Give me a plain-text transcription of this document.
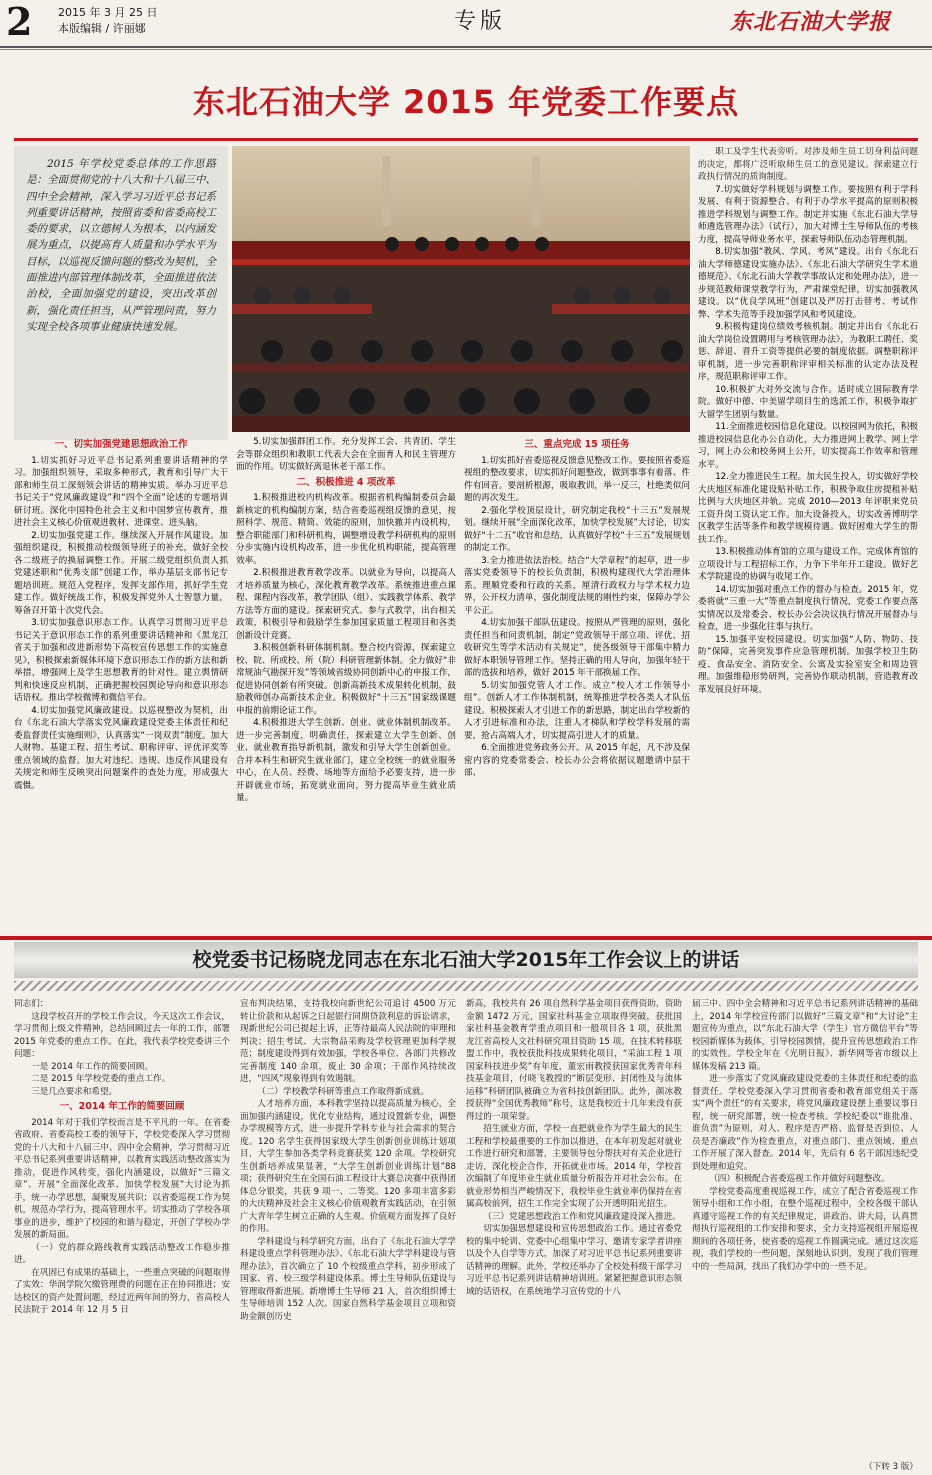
2	2015 年 3 月 25 日
本版编辑 / 许丽娜	专版	东北石油大学报
东北石油大学 2015 年党委工作要点

2015 年学校党委总体的工作思路是：全面贯彻党的十八大和十八届三中、四中全会精神，深入学习习近平总书记系列重要讲话精神，按照省委和省委高校工委的要求，以立德树人为根本，以内涵发展为重点，以提高育人质量和办学水平为目标，以巡视反馈问题的整改为契机，全面推进内部管理体制改革，全面推进依法治校，全面加强党的建设，突出改革创新，强化责任担当，从严管理问责，努力实现全校各项事业健康快速发展。

一、切实加强党建思想政治工作

1.切实抓好习近平总书记系列重要讲话精神的学习。加强组织领导，采取多种形式，教育和引导广大干部和师生员工深刻领会讲话的精神实质。举办习近平总书记关于“党风廉政建设”和“四个全面”论述的专题培训研讨班。深化中国特色社会主义和中国梦宣传教育，推进社会主义核心价值观进教材、进课堂、进头脑。

2.切实加强党建工作。继续深入开展作风建设。加强组织建设，积极推动校级领导班子的补充，做好全校各二级班子的换届调整工作。开展二级党组织负责人抓党建述职和“优秀支部”创建工作，举办基层支部书记专题培训班。规范入党程序，发挥支部作用，抓好学生党建工作。做好统战工作，积极发挥党外人士智慧力量，筹备召开第十次党代会。

3.切实加强意识形态工作。认真学习贯彻习近平总书记关于意识形态工作的系列重要讲话精神和《黑龙江省关于加强和改进新形势下高校宣传思想工作的实施意见》，积极探索新媒体环境下意识形态工作的新方法和新举措，增强网上及学生思想教育的针对性。建立舆情研判和快速反应机制，正确把握校园舆论导向和意识形态话语权。推出学校微博和微信平台。

4.切实加强党风廉政建设。以巡视整改为契机，出台《东北石油大学落实党风廉政建设党委主体责任和纪委监督责任实施细则》，认真落实“一岗双责”制度。加大人财物、基建工程、招生考试、职称评审、评优评奖等重点领域的监督。加大对违纪、违规、违反作风建设有关规定和师生反映突出问题案件的查处力度，形成强大震慑。

5.切实加强群团工作。充分发挥工会、共青团、学生会等群众组织和教职工代表大会在全面育人和民主管理方面的作用。切实做好离退休老干部工作。

二、积极推进 4 项改革

1.积极推进校内机构改革。根据省机构编制委员会最新核定的机构编制方案，结合省委巡视组反馈的意见，按照科学、规范、精简、效能的原则，加快撤并内设机构，整合职能部门和科研机构，调整增设教学科研机构的原则分步实施内设机构改革，进一步优化机构职能，提高管理效率。

2.积极推进教育教学改革。以就业为导向，以提高人才培养质量为核心，深化教育教学改革。系统推进重点课程、课程内容改革，教学团队（组）、实践教学体系、教学方法等方面的建设。探索研究式、参与式教学，出台相关政策，积极引导和鼓励学生参加国家质量工程项目和各类创新设计竞赛。

3.积极创新科研体制机制。整合校内资源，探索建立校、院、所或校、所（院）科研管理新体制。全力做好“非常规油气勘探开发”等领域省级协同创新中心的申报工作，促进协同创新有所突破。创新高新技术成果转化机制，鼓励教师创办高新技术企业。积极做好“十三五”国家级课题申报的前期论证工作。

4.积极推进大学生创新、创业、就业体制机制改革。进一步完善制度，明确责任，探索建立大学生创新、创业、就业教育指导新机制，激发和引导大学生创新创业。合并本科生和研究生就业部门，建立全校统一的就业服务中心，在人员、经费、场地等方面给予必要支持，进一步开辟就业市场，拓宽就业面向，努力提高毕业生就业质量。

三、重点完成 15 项任务

1.切实抓好省委巡视反馈意见整改工作。要按照省委巡视组的整改要求，切实抓好问题整改，做到事事有着落、件件有回音。要剖析根源，吸取教训，举一反三，杜绝类似问题的再次发生。

2.强化学校顶层设计，研究制定我校“十三五”发展规划。继续开展“全面深化改革，加快学校发展”大讨论，切实做好“十二五”收官和总结，认真做好学校“十三五”发展规划的制定工作。

3.全力推进依法治校。结合“大学章程”的起草，进一步落实党委领导下的校长负责制，积极构建现代大学治理体系。理顺党委和行政的关系，厘清行政权力与学术权力边界，公开权力清单，强化制度法规的刚性约束，保障办学公平公正。

4.切实加强干部队伍建设。按照从严管理的原则，强化责任担当和问责机制，制定“党政领导干部立项、评优、招收研究生等学术活动有关规定”，使各级领导干部集中精力做好本职领导管理工作。坚持正确的用人导向，加强年轻干部的选拔和培养，做好 2015 年干部换届工作。

5.切实加强党管人才工作。成立“校人才工作领导小组”。创新人才工作体制机制，统筹推进学校各类人才队伍建设。积极探索人才引进工作的新思路，制定出台学校新的人才引进标准和办法，注重人才梯队和学校学科发展的需要，抢占高端人才，切实提高引进人才的质量。

6.全面推进党务政务公开。从 2015 年起，凡不涉及保密内容的党委常委会、校长办公会将依据议题邀请中层干部、

职工及学生代表旁听。对涉及师生员工切身利益问题的决定，都将广泛听取师生员工的意见建议。探索建立行政执行情况的质询制度。

7.切实做好学科规划与调整工作。要按照有利于学科发展、有利于资源整合、有利于办学水平提高的原则积极推进学科规划与调整工作。制定并实施《东北石油大学导师遴选管理办法》（试行），加大对博士生导师队伍的考核力度，提高导师业务水平，探索导师队伍动态管理机制。

8.切实加强“教风、学风、考风”建设。出台《东北石油大学师德建设实施办法》、《东北石油大学研究生学术道德规范》、《东北石油大学教学事故认定和处理办法》，进一步规范教师课堂教学行为，严肃课堂纪律，切实加强教风建设。以“优良学风班”创建以及严厉打击替考、考试作弊、学术失范等手段加强学风和考风建设。

9.积极构建岗位绩效考核机制。制定并出台《东北石油大学岗位设置聘用与考核管理办法》，为教职工聘任、奖惩、辞退、晋升工资等提供必要的制度依据。调整职称评审机制，进一步完善职称评审相关标准的认定办法及程序，规范职称评审工作。

10.积极扩大对外交流与合作。适时成立国际教育学院。做好中德、中美留学项目生的选派工作，积极争取扩大留学生团别与数量。

11.全面推进校园信息化建设。以校园网为依托，积极推进校园信息化办公自动化，大力推进网上教学、网上学习，网上办公和校务网上公开，切实提高工作效率和管理水平。

12.全力推进民生工程。加大民生投入，切实做好学校大庆地区标准化建设贴补贴工作，积极争取住房提租补贴比例与大庆地区并轨。完成 2010—2013 年评职来党员工资升岗工资认定工作。加大设备投入，切实改善博明学区教学生活等条件和教学规模待遇。做好困难大学生的帮扶工作。

13.积极推动体育馆的立项与建设工作。完成体育馆的立项设计与工程招标工作，力争下半年开工建设。做好艺术学院建设的协调与收尾工作。

14.切实加强对重点工作的督办与检查。2015 年，党委将就“三重一大”等重点制度执行情况，党委工作要点落实情况以及常委会、校长办公会决议执行情况开展督办与检查，进一步强化往事与执行。

15.加强平安校园建设。切实加强“人防、物防、技防”保障，完善突发事件应急管理机制。加强学校卫生防疫、食品安全、消防安全、公寓及实验室安全和周边管理。加强维稳形势研判，完善协作联动机制，营造教育改革发展良好环境。

校党委书记杨晓龙同志在东北石油大学2015年工作会议上的讲话

同志们：

这段学校召开的学校工作会议，今天这次工作会议，学习贯彻上级文件精神，总结回顾过去一年的工作，部署 2015 年党委的重点工作。在此，我代表学校党委讲三个问题：

一是 2014 年工作的简要回顾。

二是 2015 年学校党委的重点工作。

三是几点要求和希望。

一、2014 年工作的简要回顾

2014 年对于我们学校而言是不平凡的一年。在省委省政府、省委高校工委的领导下，学校党委深入学习贯彻党的十八大和十八届三中、四中全会精神，学习贯彻习近平总书记系列重要讲话精神，以教育实践活动整改落实为推动，促进作风转变，强化内涵建设，以做好“三篇文章”、开展“全面深化改革、加快学校发展”大讨论为抓手，统一办学思想，凝聚发展共识；以省委巡视工作为契机，规范办学行为，提高管理水平。切实推动了学校各项事业的进步，维护了校园的和谐与稳定，开创了学校办学发展的新局面。

（一）党的群众路线教育实践活动整改工作稳步推进。

在巩固已有成果的基础上，一些重点突破的问题取得了实效：华润学院欠缴管理费的问题在正在协同推进；安达校区的资产处置问题，经过近两年间的努力，省高校人民法院于 2014 年 12 月 5 日

宣布判决结果，支持我校向新世纪公司追讨 4500 万元转让价款和从起诉之日起银行同期贷款利息的诉讼请求，现新世纪公司已提起上诉，正等待最高人民法院的审理和判决；招生考试、大宗物品采购及学校管理更加科学规范；制度建设得到有效加强，学校各单位、各部门共修改完善制度 140 余项，废止 30 余项；干部作风持续改进，“四风”现象得到有效遏制。

（二）学校教学科研等重点工作取得新成就。

人才培养方面，本科教学坚持以提高质量为核心，全面加强内涵建设，优化专业结构，通过设置新专业，调整办学规模等方式，进一步提升学科专业与社会需求的契合度。120 名学生获得国家级大学生创新创业训练计划项目，大学生参加各类学科竞赛获奖 120 余项。学校研究生创新培养成果显著，“大学生创新创业训练计划”88 项；获得研究生在全国石油工程设计大赛总决赛中获得团体总分银奖，共获 9 项一、二等奖。120 多项丰富多彩的大庆精神及社会主义核心价值观教育实践活动，在引领广大青年学生树立正确的人生观、价值观方面发挥了良好的作用。

学科建设与科学研究方面，出台了《东北石油大学学科建设重点学科管理办法》、《东北石油大学学科建设与管理办法》，首次确立了 10 个校级重点学科，初步形成了国家、省、校三级学科建设体系。博士生导师队伍建设与管理取得新进展。新增博士生导师 21 人，首次组织博士生导师培训 152 人次。国家自然科学基金项目立项和资助金额创历史

新高，我校共有 26 项自然科学基金项目获得资助，资助金额 1472 万元，国家社科基金立项取得突破，获批国家社科基金教育学重点项目和一般项目各 1 项，获批黑龙江省高校人文社科研究项目资助 15 项。在技术转移联盟工作中，我校获批科技成果转化项目，“采油工程 1 项国家科技进步奖”有年度，董宏雨教授获国家优秀青年科技基金项目，付晓飞教授的“断层变形、封闭性及与流体运移”科研团队被确立为省科技创新团队。此外，颜冰教授获得“全国优秀教师”称号，这是我校近十几年来没有获得过的一项荣誉。

招生就业方面，学校一直把就业作为学生最大的民生工程和学校最重要的工作加以推进，在本年初发起对就业工作进行研究和部署，主要领导包分帮扶对有关企业进行走访，深化校企合作，开拓就业市场。2014 年，学校首次编制了年度毕业生就业质量分析报告并对社会公布。在就业形势相当严峻情况下，我校毕业生就业率仍保持在省属高校前列，招生工作完全实现了公开透明阳光招生。

（三）党建思想政治工作和党风廉政建设深入推进。

切实加强思想建设和宣传思想政治工作。通过省委党校的集中轮训、党委中心组集中学习、邀请专家学者讲座以及个人自学等方式，加深了对习近平总书记系列重要讲话精神的理解。此外，学校还举办了全校处科级干部学习习近平总书记系列讲话精神培训班。紧紧把握意识形态领域的话语权，在系统地学习宣传党的十八

届三中、四中全会精神和习近平总书记系列讲话精神的基础上，2014 年学校宣传部门以做好“三篇文章”和“大讨论”主题宣传为重点，以“东北石油大学（学生）官方微信平台”等校园新媒体为载体，引导校园舆情，提升宣传思想政治工作的实效性。学校全年在《光明日报》、新华网等省市级以上媒体发稿 213 篇。

进一步落实了党风廉政建设党委的主体责任和纪委的监督责任。学校党委深入学习贯彻省委和教育部党组关于落实“两个责任”的有关要求，将党风廉政建设摆上重要议事日程，统一研究部署，统一检查考核。学校纪委以“谁批准、谁负责”为原则，对人、程序是否严格、监督是否到位、人员是否廉政”作为检查重点，对重点部门、重点领域、重点工作开展了深入督查。2014 年，先后有 6 名干部因违纪受到处理和追究。

（四）积极配合省委巡视工作并做好问题整改。

学校党委高度重视巡视工作，成立了配合省委巡视工作领导小组和工作小组，在整个巡视过程中，全校各级干部认真遵守巡视工作的有关纪律规定，讲政治、讲大局，认真贯彻执行巡视组的工作安排和要求，全力支持巡视组开展巡视期间的各项任务，使省委的巡视工作圆满完成。通过这次巡视，我们学校的一些问题，深刻地认识到，发现了我们管理中的一些局洞，找出了我们办学中的一些不足。

（下转 3 版）
